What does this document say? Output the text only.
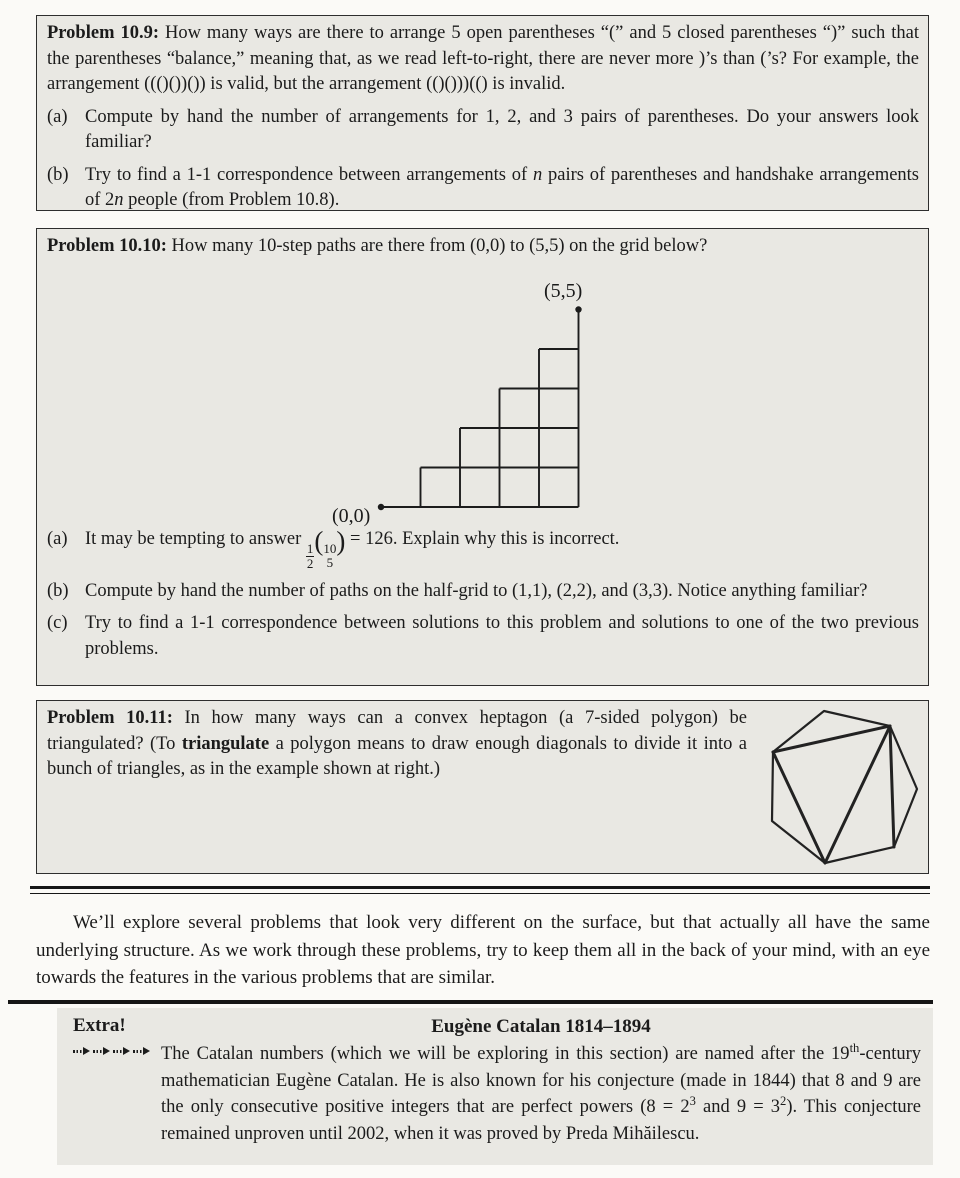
Problem 10.9: How many ways are there to arrange 5 open parentheses “(” and 5 closed parentheses “)” such that the parentheses “balance,” meaning that, as we read left-to-right, there are never more )’s than (’s? For example, the arrangement ((()())()) is valid, but the arrangement (()()))(() is invalid.

(a) Compute by hand the number of arrangements for 1, 2, and 3 pairs of parentheses. Do your answers look familiar?
(b) Try to find a 1-1 correspondence between arrangements of n pairs of parentheses and handshake arrangements of 2n people (from Problem 10.8).

Problem 10.10: How many 10-step paths are there from (0,0) to (5,5) on the grid below?

(0,0)
(5,5)
(a) It may be tempting to answer
$\frac{1}{2}$
( 10
5
) = 126. Explain why this is incorrect.
(b) Compute by hand the number of paths on the half-grid to (1,1), (2,2), and (3,3). Notice anything familiar?
(c) Try to find a 1-1 correspondence between solutions to this problem and solutions to one of the two previous problems.

Problem 10.11: In how many ways can a convex heptagon (a 7-sided polygon) be triangulated? (To triangulate a polygon means to draw enough diagonals to divide it into a bunch of triangles, as in the example shown at right.)

We’ll explore several problems that look very different on the surface, but that actually all have the same underlying structure. As we work through these problems, try to keep them all in the back of your mind, with an eye towards the features in the various problems that are similar.

Extra!	Eugène Catalan 1814–1894

The Catalan numbers (which we will be exploring in this section) are named after the 19th-century mathematician Eugène Catalan. He is also known for his conjecture (made in 1844) that 8 and 9 are the only consecutive positive integers that are perfect powers ($8 = 2^3$ and $9 = 3^2$). This conjecture remained unproven until 2002, when it was proved by Preda Mihăilescu.
